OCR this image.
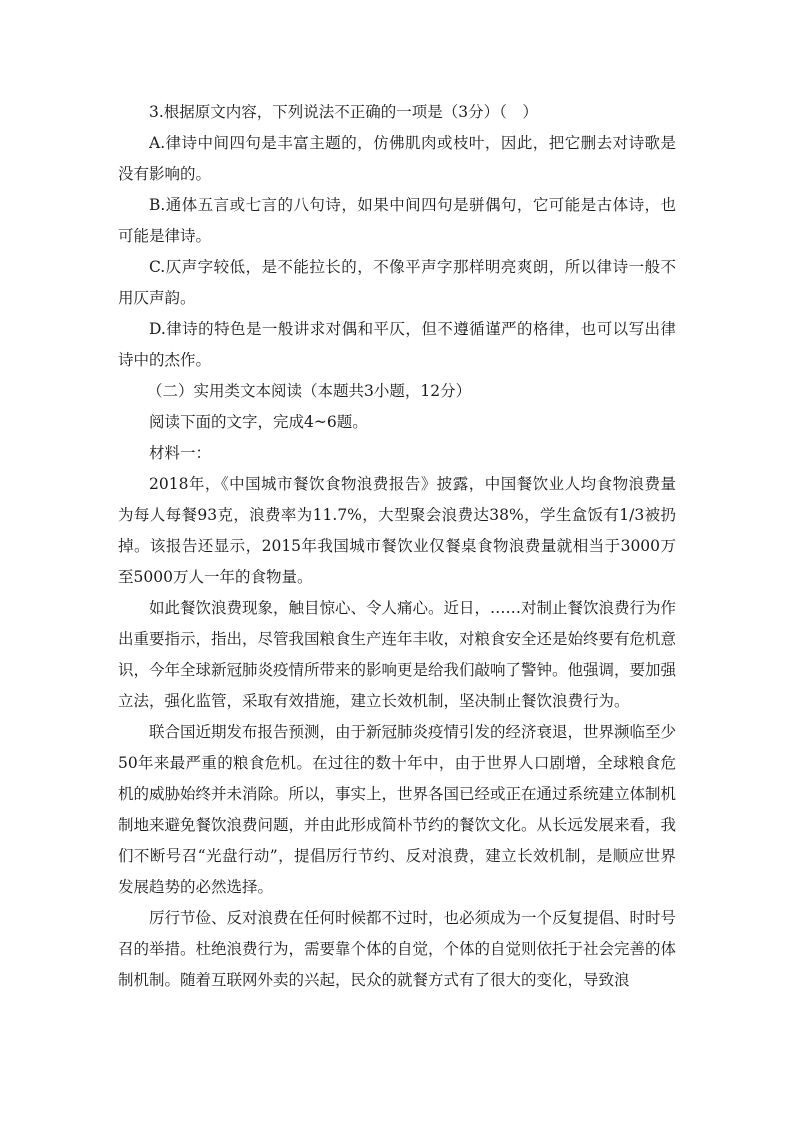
3.根据原文内容，下列说法不正确的一项是（3分）（　）

A.律诗中间四句是丰富主题的，仿佛肌肉或枝叶，因此，把它删去对诗歌是没有影响的。

B.通体五言或七言的八句诗，如果中间四句是骈偶句，它可能是古体诗，也可能是律诗。

C.仄声字较低，是不能拉长的，不像平声字那样明亮爽朗，所以律诗一般不用仄声韵。

D.律诗的特色是一般讲求对偶和平仄，但不遵循谨严的格律，也可以写出律诗中的杰作。

（二）实用类文本阅读（本题共3小题，12分）

阅读下面的文字，完成4~6题。

材料一：

2018年，《中国城市餐饮食物浪费报告》披露，中国餐饮业人均食物浪费量为每人每餐93克，浪费率为11.7%，大型聚会浪费达38%，学生盒饭有1/3被扔掉。该报告还显示，2015年我国城市餐饮业仅餐桌食物浪费量就相当于3000万至5000万人一年的食物量。

如此餐饮浪费现象，触目惊心、令人痛心。近日，……对制止餐饮浪费行为作出重要指示，指出，尽管我国粮食生产连年丰收，对粮食安全还是始终要有危机意识，今年全球新冠肺炎疫情所带来的影响更是给我们敲响了警钟。他强调，要加强立法，强化监管，采取有效措施，建立长效机制，坚决制止餐饮浪费行为。

联合国近期发布报告预测，由于新冠肺炎疫情引发的经济衰退，世界濒临至少50年来最严重的粮食危机。在过往的数十年中，由于世界人口剧增，全球粮食危机的威胁始终并未消除。所以，事实上，世界各国已经或正在通过系统建立体制机制地来避免餐饮浪费问题，并由此形成简朴节约的餐饮文化。从长远发展来看，我们不断号召“光盘行动”，提倡厉行节约、反对浪费，建立长效机制，是顺应世界发展趋势的必然选择。

厉行节俭、反对浪费在任何时候都不过时，也必须成为一个反复提倡、时时号召的举措。杜绝浪费行为，需要靠个体的自觉，个体的自觉则依托于社会完善的体制机制。随着互联网外卖的兴起，民众的就餐方式有了很大的变化，导致浪
